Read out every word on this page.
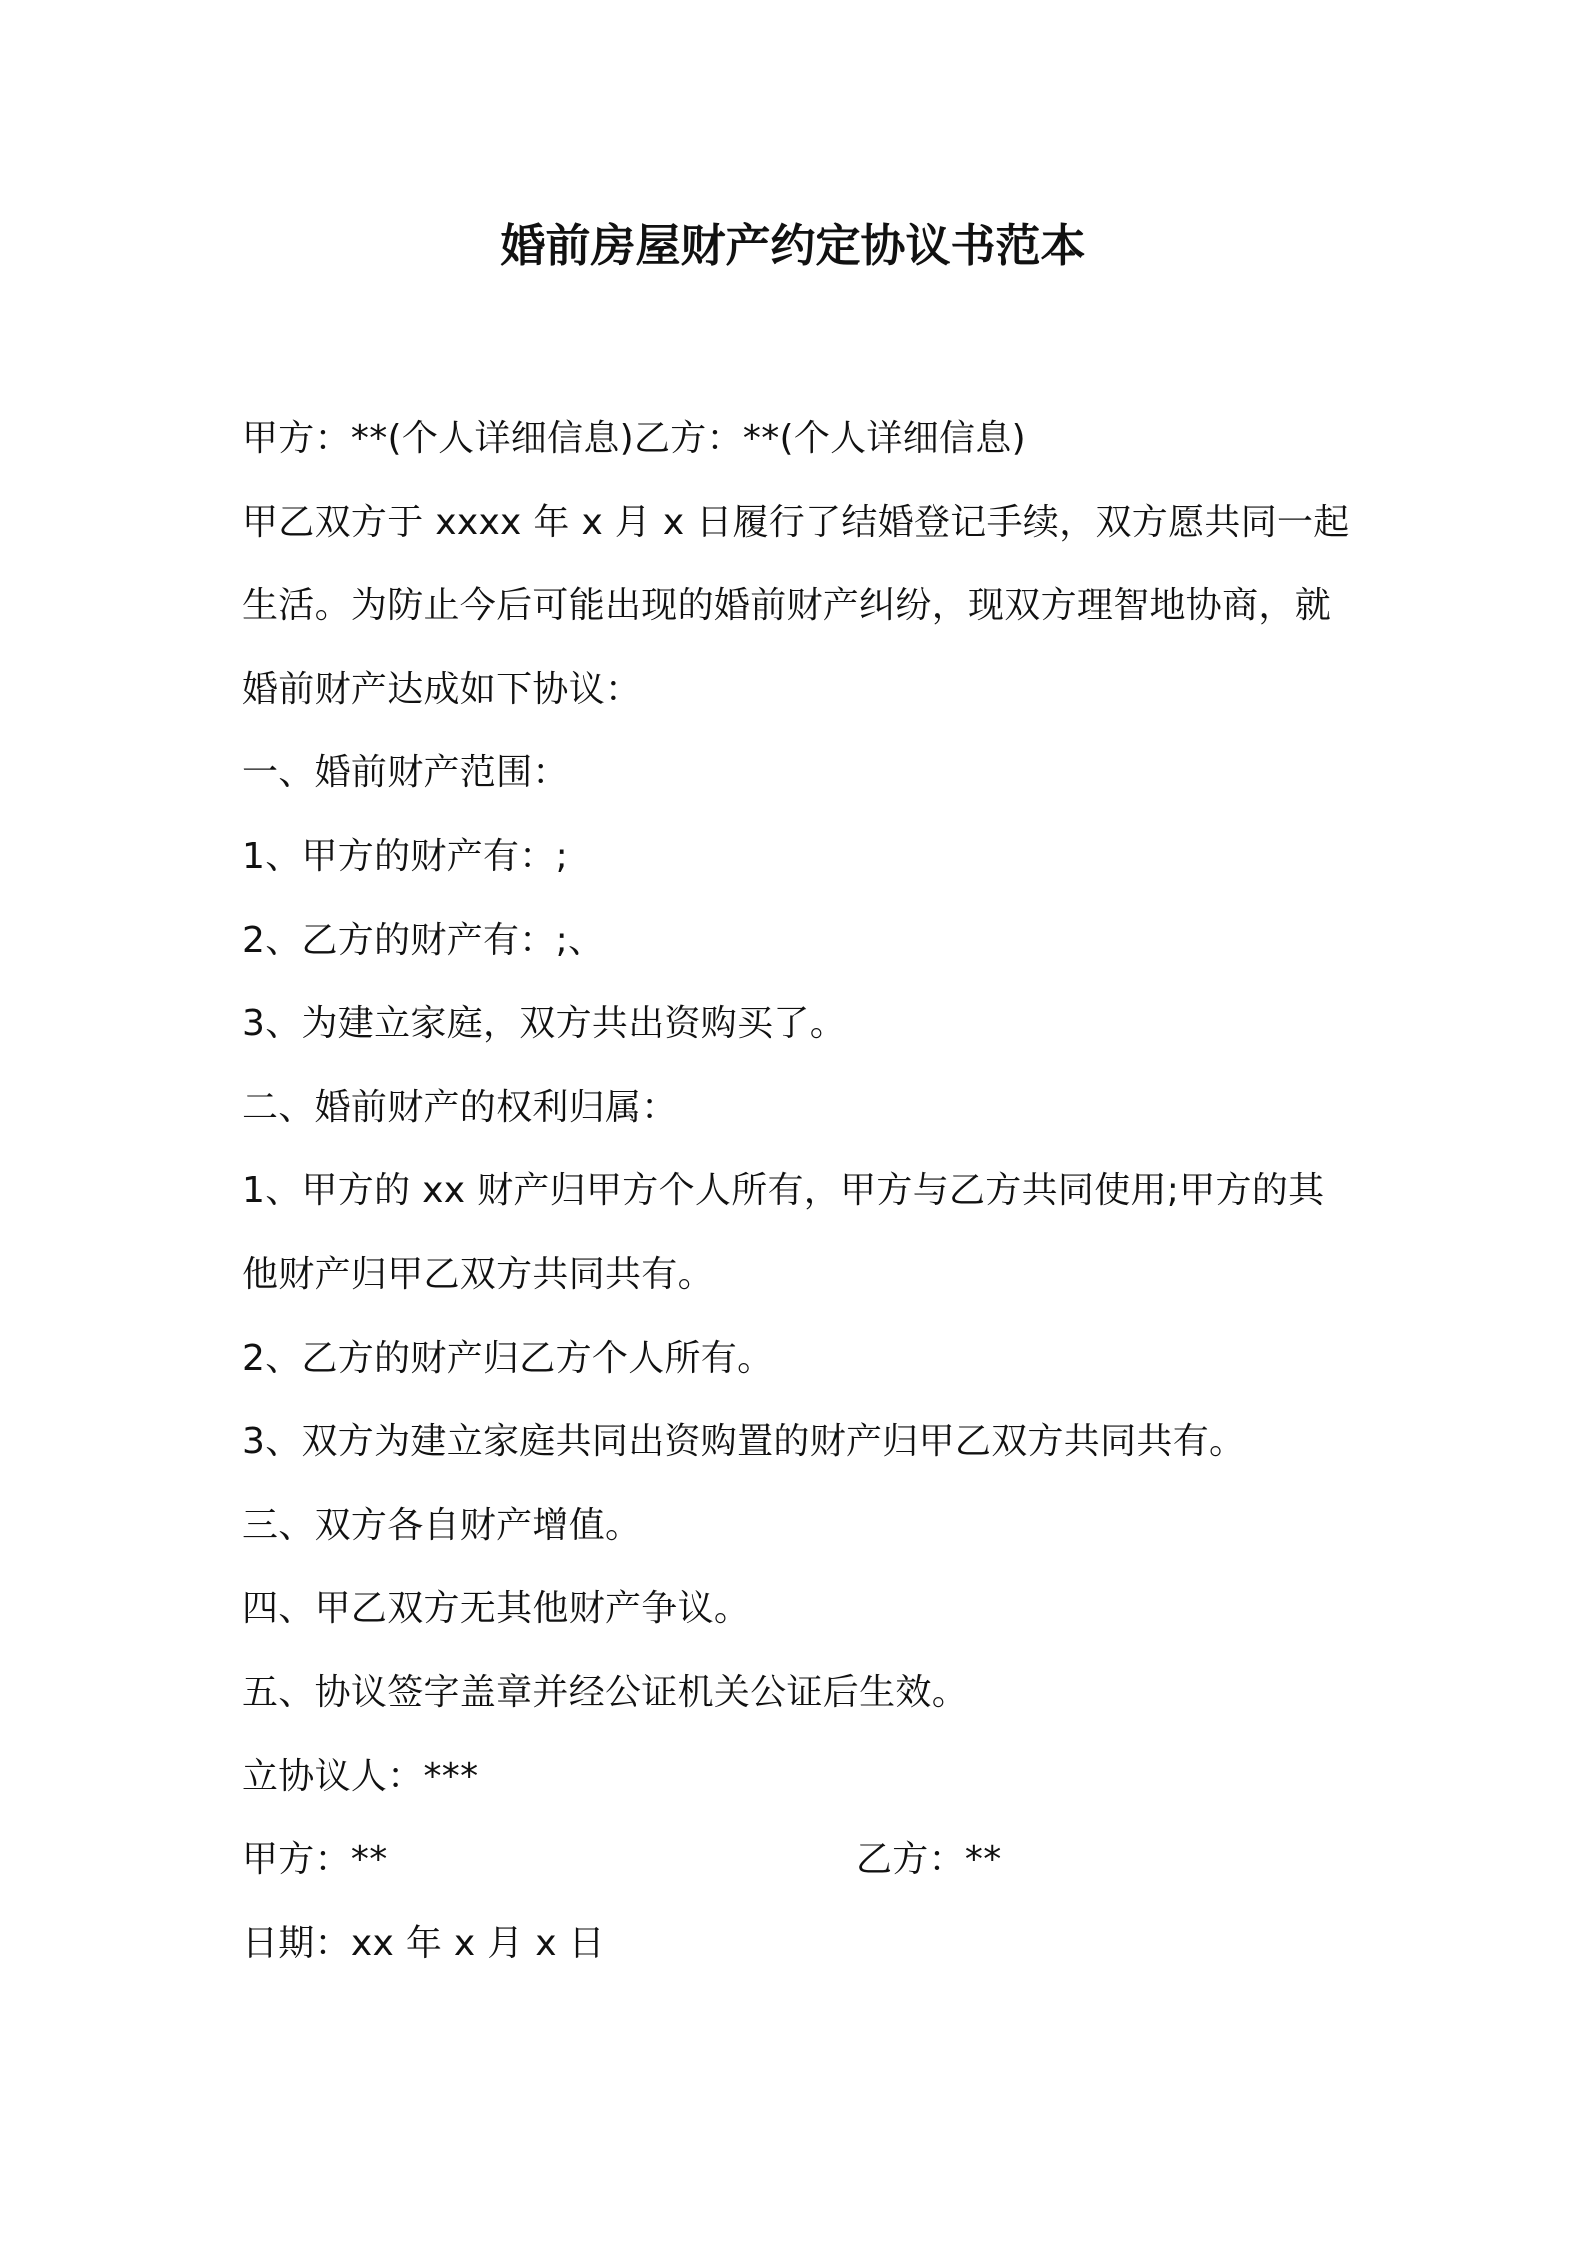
婚前房屋财产约定协议书范本
甲方：**(个人详细信息)乙方：**(个人详细信息)
甲乙双方于 xxxx 年 x 月 x 日履行了结婚登记手续，双方愿共同一起
生活。为防止今后可能出现的婚前财产纠纷，现双方理智地协商，就
婚前财产达成如下协议：
一、婚前财产范围：
1、甲方的财产有：;
2、乙方的财产有：;、
3、为建立家庭，双方共出资购买了。
二、婚前财产的权利归属：
1、甲方的 xx 财产归甲方个人所有，甲方与乙方共同使用;甲方的其
他财产归甲乙双方共同共有。
2、乙方的财产归乙方个人所有。
3、双方为建立家庭共同出资购置的财产归甲乙双方共同共有。
三、双方各自财产增值。
四、甲乙双方无其他财产争议。
五、协议签字盖章并经公证机关公证后生效。
立协议人：***
甲方：**	乙方：**
日期：xx 年 x 月 x 日
